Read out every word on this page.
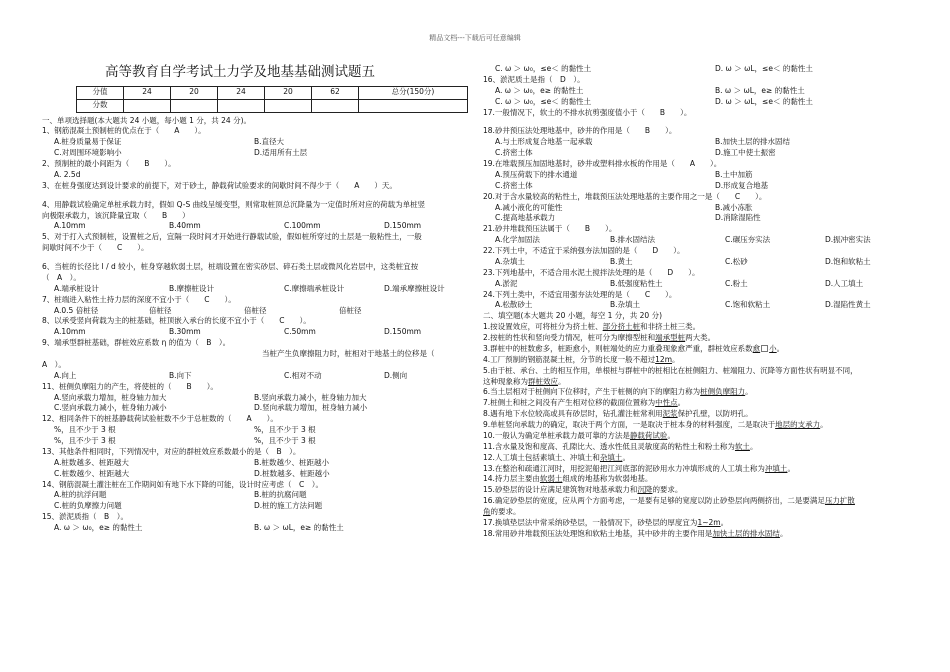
精品文档---下载后可任意编辑
高等教育自学考试土力学及地基基础测试题五
分值	24	20	24	20	62	总分(150分)
分数						
一、单项选择题(本大题共 24 小题，每小题 1 分，共 24 分)。
1、钢筋混凝土预制桩的优点在于（　　A　　）。
A.桩身质量易于保证	B.直径大
C.对周围环境影响小	D.适用所有土层
2、预制桩的最小间距为（　　B　　）。
A. 2.5d
3、在桩身强度达到设计要求的前提下，对于砂土，静载荷试验要求的间歇时间不得少于（　　A　　）天。
4、用静载试验确定单桩承载力时，假如 Q-S 曲线呈缓变型，则常取桩顶总沉降量为一定值时所对应的荷载为单桩竖
向极限承载力，该沉降量宜取（　　B　　）
A.10mm	B.40mm	C.100mm	D.150mm
5、对于打入式预制桩，设置桩之后，宜隔一段时间才开始进行静载试验，假如桩所穿过的土层是一般粘性土，一般
间歇时间不少于（　　C　　）。
6、当桩的长径比 l / d 较小，桩身穿越软弱土层，桩端设置在密实砂层、碎石类土层或微风化岩层中，这类桩宜按
（　A　）。
A.端承桩设计	B.摩擦桩设计	C.摩擦端承桩设计	D.端承摩擦桩设计
7、桩端进入粘性土持力层的深度不宜小于（　　C　　）。
A.0.5 倍桩径	倍桩径	倍桩径	倍桩径
8、以承受竖向荷载为主的桩基础，桩顶嵌入承台的长度不宜小于（　　C　　）。
A.10mm	B.30mm	C.50mm	D.150mm
9、端承型群桩基础，群桩效应系数 η 的值为（　B　）。
当桩产生负摩擦阻力时，桩相对于地基土的位移是（
A　）。
A.向上	B.向下	C.相对不动	D.侧向
11、桩侧负摩阻力的产生，将使桩的（　　B　　）。
A.竖向承载力增加，桩身轴力加大	B.竖向承载力减小，桩身轴力加大
C.竖向承载力减小，桩身轴力减小	D.竖向承载力增加，桩身轴力减小
12、相同条件下的桩基静载荷试验桩数不少于总桩数的（　　A　　）。
%，且不少于 3 根	%，且不少于 3 根
%，且不少于 3 根	%，且不少于 3 根
13、其他条件相同时，下列情况中，对应的群桩效应系数最小的是（　B　）。
A.桩数越多、桩距越大	B.桩数越少、桩距越小
C.桩数越少、桩距越大	D.桩数越多、桩距越小
14、钢筋混凝土灌注桩在工作期间如有地下水下降的可能，设计时应考虑（　C　）。
A.桩的抗浮问题	B.桩的抗腐问题
C.桩的负摩擦力问题	D.桩的施工方法问题
15、淤泥质指（　B　）。
A. ω ＞ ω₀，e≥ 的黏性土	B. ω ＞ ωL，e≥ 的黏性土
C. ω ＞ ω₀，≤e＜ 的黏性土	D. ω ＞ ωL，≤e＜ 的黏性土
16、淤泥质土是指（　D　）。
A. ω ＞ ω₀，e≥ 的黏性土	B. ω ＞ ωL，e≥ 的黏性土
C. ω ＞ ω₀，≤e＜ 的黏性土	D. ω ＞ ωL，≤e＜ 的黏性土
17.一般情况下，软土的不排水抗剪强度值小于（　　B　　）。
18.砂井预压法处理地基中，砂井的作用是（　　B　　）。
A.与土形成复合地基一起承载	B.加快土层的排水固结
C.挤密土体	D.施工中使土振密
19.在堆载预压加固地基时，砂井或塑料排水板的作用是（　　A　　）。
A.预压荷载下的排水通道	B.土中加筋
C.挤密土体	D.形成复合地基
20.对于含水量较高的粘性土，堆载预压法处理地基的主要作用之一是（　　C　　）。
A.减小液化的可能性	B.减小冻胀
C.提高地基承载力	D.消除湿陷性
21.砂井堆载预压法属于（　　B　　）。
A.化学加固法	B.排水固结法	C.碾压夯实法	D.振冲密实法
22.下列土中，不适宜于采纳强夯法加固的是（　　D　　）。
A.杂填土	B.黄土	C.松砂	D.饱和软粘土
23.下列地基中，不适合用水泥土搅拌法处理的是（　　D　　）。
A.淤泥	B.低强度粘性土	C.粉土	D.人工填土
24.下列土类中，不适宜用强夯法处理的是（　　C　　）。
A.松散砂土	B.杂填土	C.饱和软粘土	D.湿陷性黄土
二、填空题(本大题共 20 小题，每空 1 分，共 20 分)
1.按设置效应，可将桩分为挤土桩、部分挤土桩和非挤土桩三类。
2.按桩的性状和竖向受力情况，桩可分为摩擦型桩和端承型桩两大类。
3.群桩中的桩数愈多，桩距愈小，则桩端处的应力重叠现象愈严重，群桩效应系数愈 小。
4.工厂预制的钢筋混凝土桩，分节的长度一般不超过12m。
5.由于桩、承台、土的相互作用，单根桩与群桩中的桩相比在桩侧阻力、桩端阻力、沉降等方面性状有明显不同，
这种现象称为群桩效应。
6.当土层相对于桩侧向下位移时，产生于桩侧的向下的摩阻力称为桩侧负摩阻力。
7.桩侧土和桩之间没有产生相对位移的截面位置称为中性点。
8.遇有地下水位较高或具有砂层时，钻孔灌注桩常利用泥浆保护孔壁，以防坍孔。
9.单桩竖向承载力的确定，取决于两个方面，一是取决于桩本身的材料强度，二是取决于地层的支承力。
10.一般认为确定单桩承载力最可靠的方法是静载荷试验。
11.含水量及饱和度高、孔隙比大、透水性低且灵敏度高的粘性土和粉土称为软土。
12.人工填土包括素填土、冲填土和杂填土。
13.在整治和疏通江河时，用挖泥船把江河底部的泥砂用水力冲填形成的人工填土称为冲填土。
14.持力层主要由软弱土组成的地基称为软弱地基。
15.砂垫层的设计应满足建筑物对地基承载力和沉降的要求。
16.确定砂垫层的宽度，应从两个方面考虑，一是要有足够的宽度以防止砂垫层向两侧挤出，二是要满足压力扩散
角的要求。
17.换填垫层法中常采纳砂垫层，一般情况下，砂垫层的厚度宜为1~2m。
18.常用砂井堆载预压法处理饱和软粘土地基，其中砂井的主要作用是加快土层的排水固结。
